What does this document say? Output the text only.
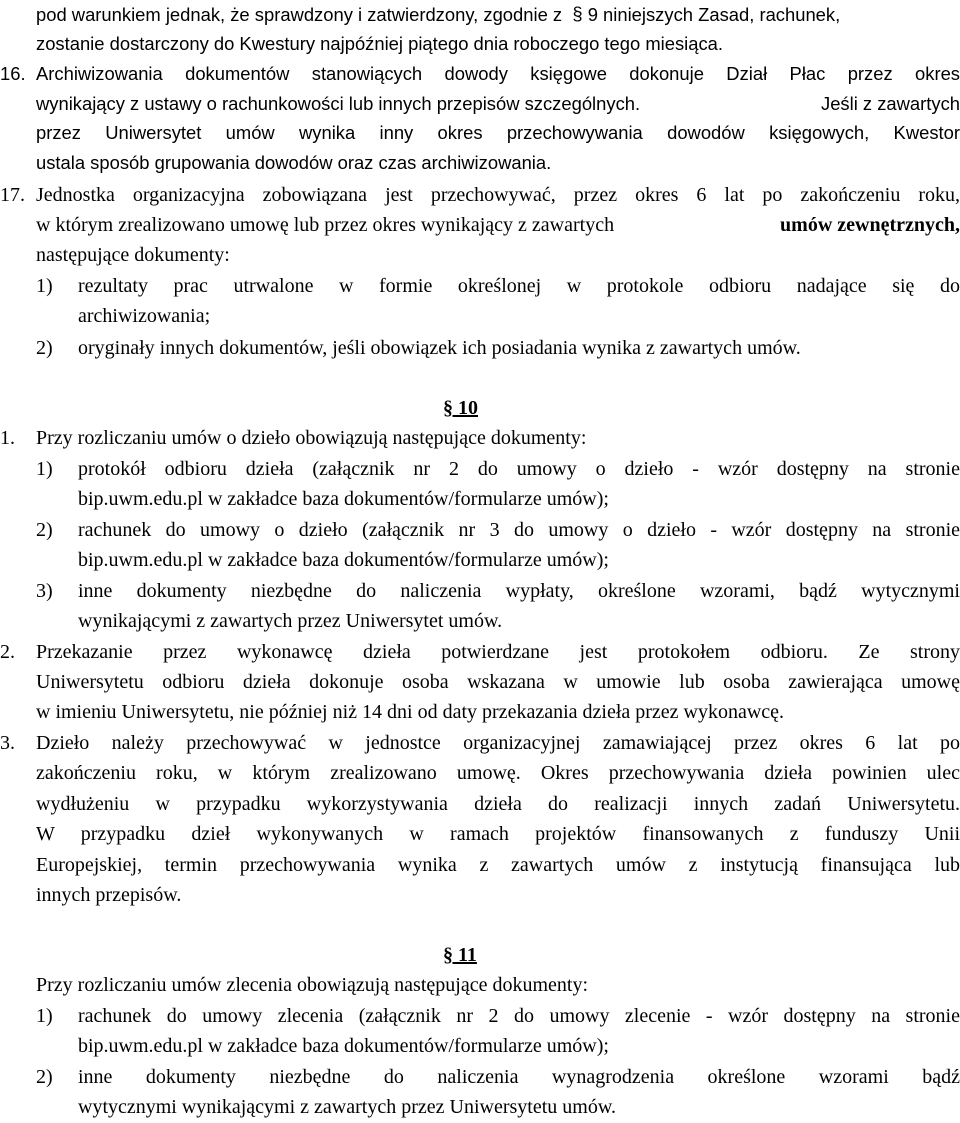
pod warunkiem jednak, że sprawdzony i zatwierdzony, zgodnie z  § 9 niniejszych Zasad, rachunek,
zostanie dostarczony do Kwestury najpóźniej piątego dnia roboczego tego miesiąca.
16. Archiwizowania dokumentów stanowiących dowody księgowe dokonuje Dział Płac przez okres
wynikający z ustawy o rachunkowości lub innych przepisów szczególnych.	Jeśli z zawartych
przez Uniwersytet umów wynika inny okres przechowywania dowodów księgowych, Kwestor
ustala sposób grupowania dowodów oraz czas archiwizowania.
17. Jednostka organizacyjna zobowiązana jest przechowywać, przez okres 6 lat po zakończeniu roku,
w którym zrealizowano umowę lub przez okres wynikający z zawartych	umów zewnętrznych,
następujące dokumenty:
1) rezultaty prac utrwalone w formie określonej w protokole odbioru nadające się do
archiwizowania;
2) oryginały innych dokumentów, jeśli obowiązek ich posiadania wynika z zawartych umów.
§ 10
1. Przy rozliczaniu umów o dzieło obowiązują następujące dokumenty:
1) protokół odbioru dzieła (załącznik nr 2 do umowy o dzieło - wzór dostępny na stronie
bip.uwm.edu.pl w zakładce baza dokumentów/formularze umów);
2) rachunek do umowy o dzieło (załącznik nr 3 do umowy o dzieło - wzór dostępny na stronie
bip.uwm.edu.pl w zakładce baza dokumentów/formularze umów);
3) inne dokumenty niezbędne do naliczenia wypłaty, określone wzorami, bądź wytycznymi
wynikającymi z zawartych przez Uniwersytet umów.
2. Przekazanie przez wykonawcę dzieła potwierdzane jest protokołem odbioru. Ze strony
Uniwersytetu odbioru dzieła dokonuje osoba wskazana w umowie lub osoba zawierająca umowę
w imieniu Uniwersytetu, nie później niż 14 dni od daty przekazania dzieła przez wykonawcę.
3. Dzieło należy przechowywać w jednostce organizacyjnej zamawiającej przez okres 6 lat po
zakończeniu roku, w którym zrealizowano umowę. Okres przechowywania dzieła powinien ulec
wydłużeniu w przypadku wykorzystywania dzieła do realizacji innych zadań Uniwersytetu.
W przypadku dzieł wykonywanych w ramach projektów finansowanych z funduszy Unii
Europejskiej, termin przechowywania wynika z zawartych umów z instytucją finansująca lub
innych przepisów.
§ 11
Przy rozliczaniu umów zlecenia obowiązują następujące dokumenty:
1) rachunek do umowy zlecenia (załącznik nr 2 do umowy zlecenie - wzór dostępny na stronie
bip.uwm.edu.pl w zakładce baza dokumentów/formularze umów);
2) inne dokumenty niezbędne do naliczenia wynagrodzenia określone wzorami bądź
wytycznymi wynikającymi z zawartych przez Uniwersytetu umów.
